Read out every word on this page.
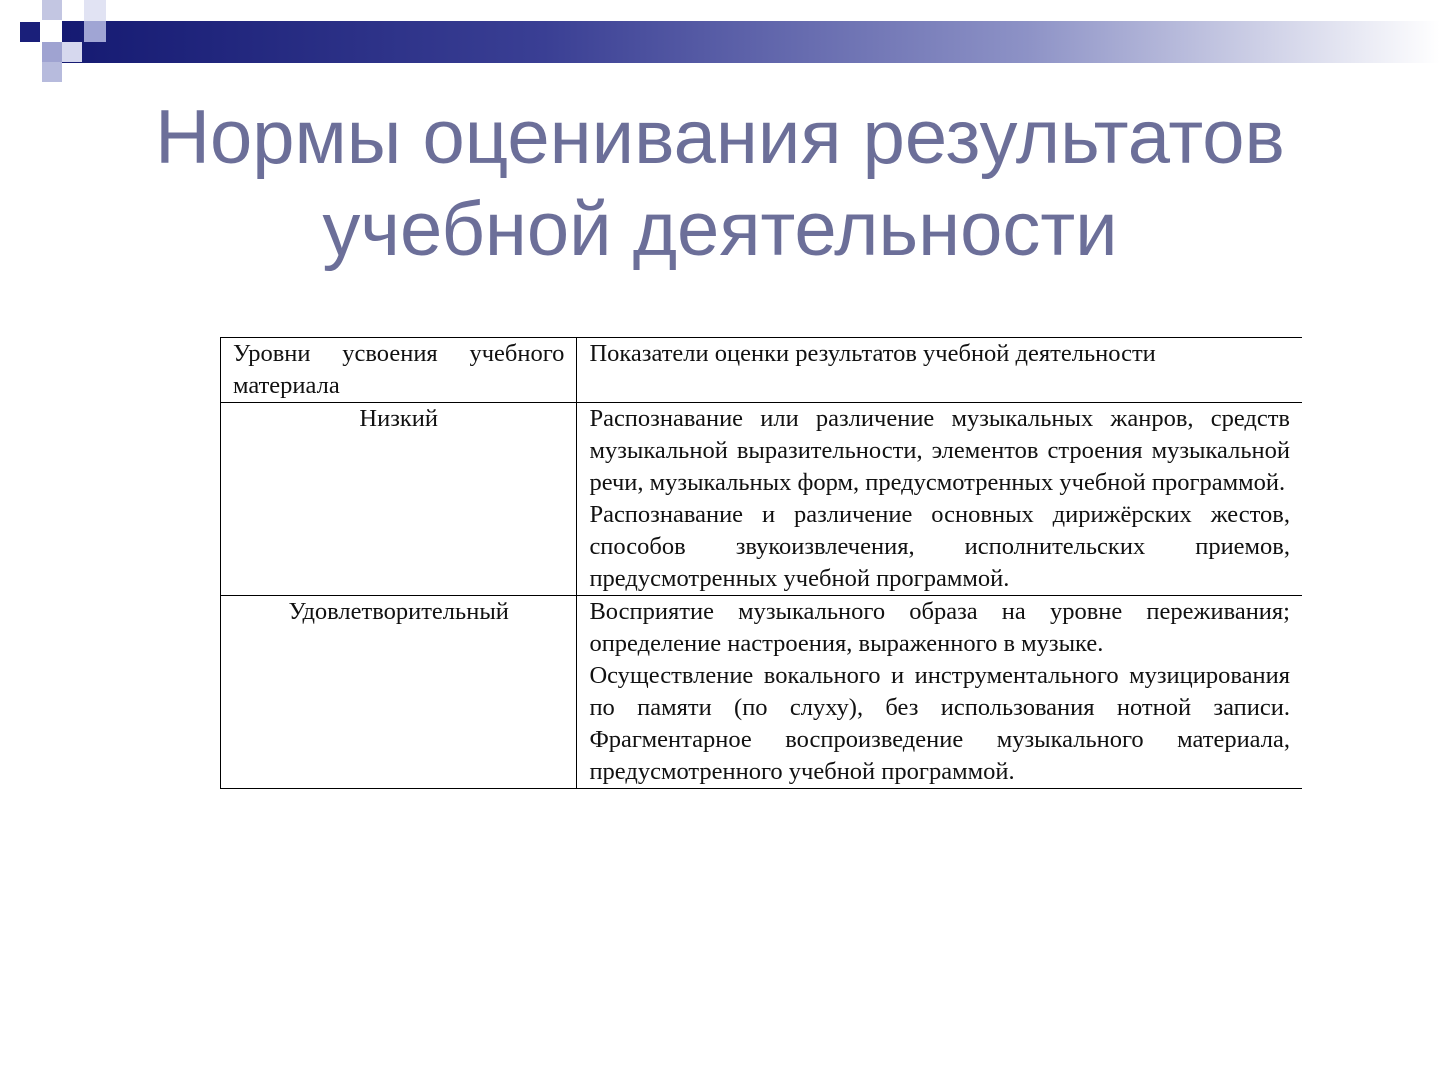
Нормы оценивания результатов
учебной деятельности

Уровни усвоения учебного материала	Показатели оценки результатов учебной деятельности

Низкий	Распознавание или различение музыкальных жанров, средств музыкальной выразительности, элементов строения музыкальной речи, музыкальных форм, предусмотренных учебной программой.

Распознавание и различение основных дирижёрских жестов, способов звукоизвлечения, исполнительских приемов, предусмотренных учебной программой.

Удовлетворительный	Восприятие музыкального образа на уровне переживания; определение настроения, выраженного в музыке.

Осуществление вокального и инструментального музицирования по памяти (по слуху), без использования нотной записи. Фрагментарное воспроизведение музыкального материала, предусмотренного учебной программой.
